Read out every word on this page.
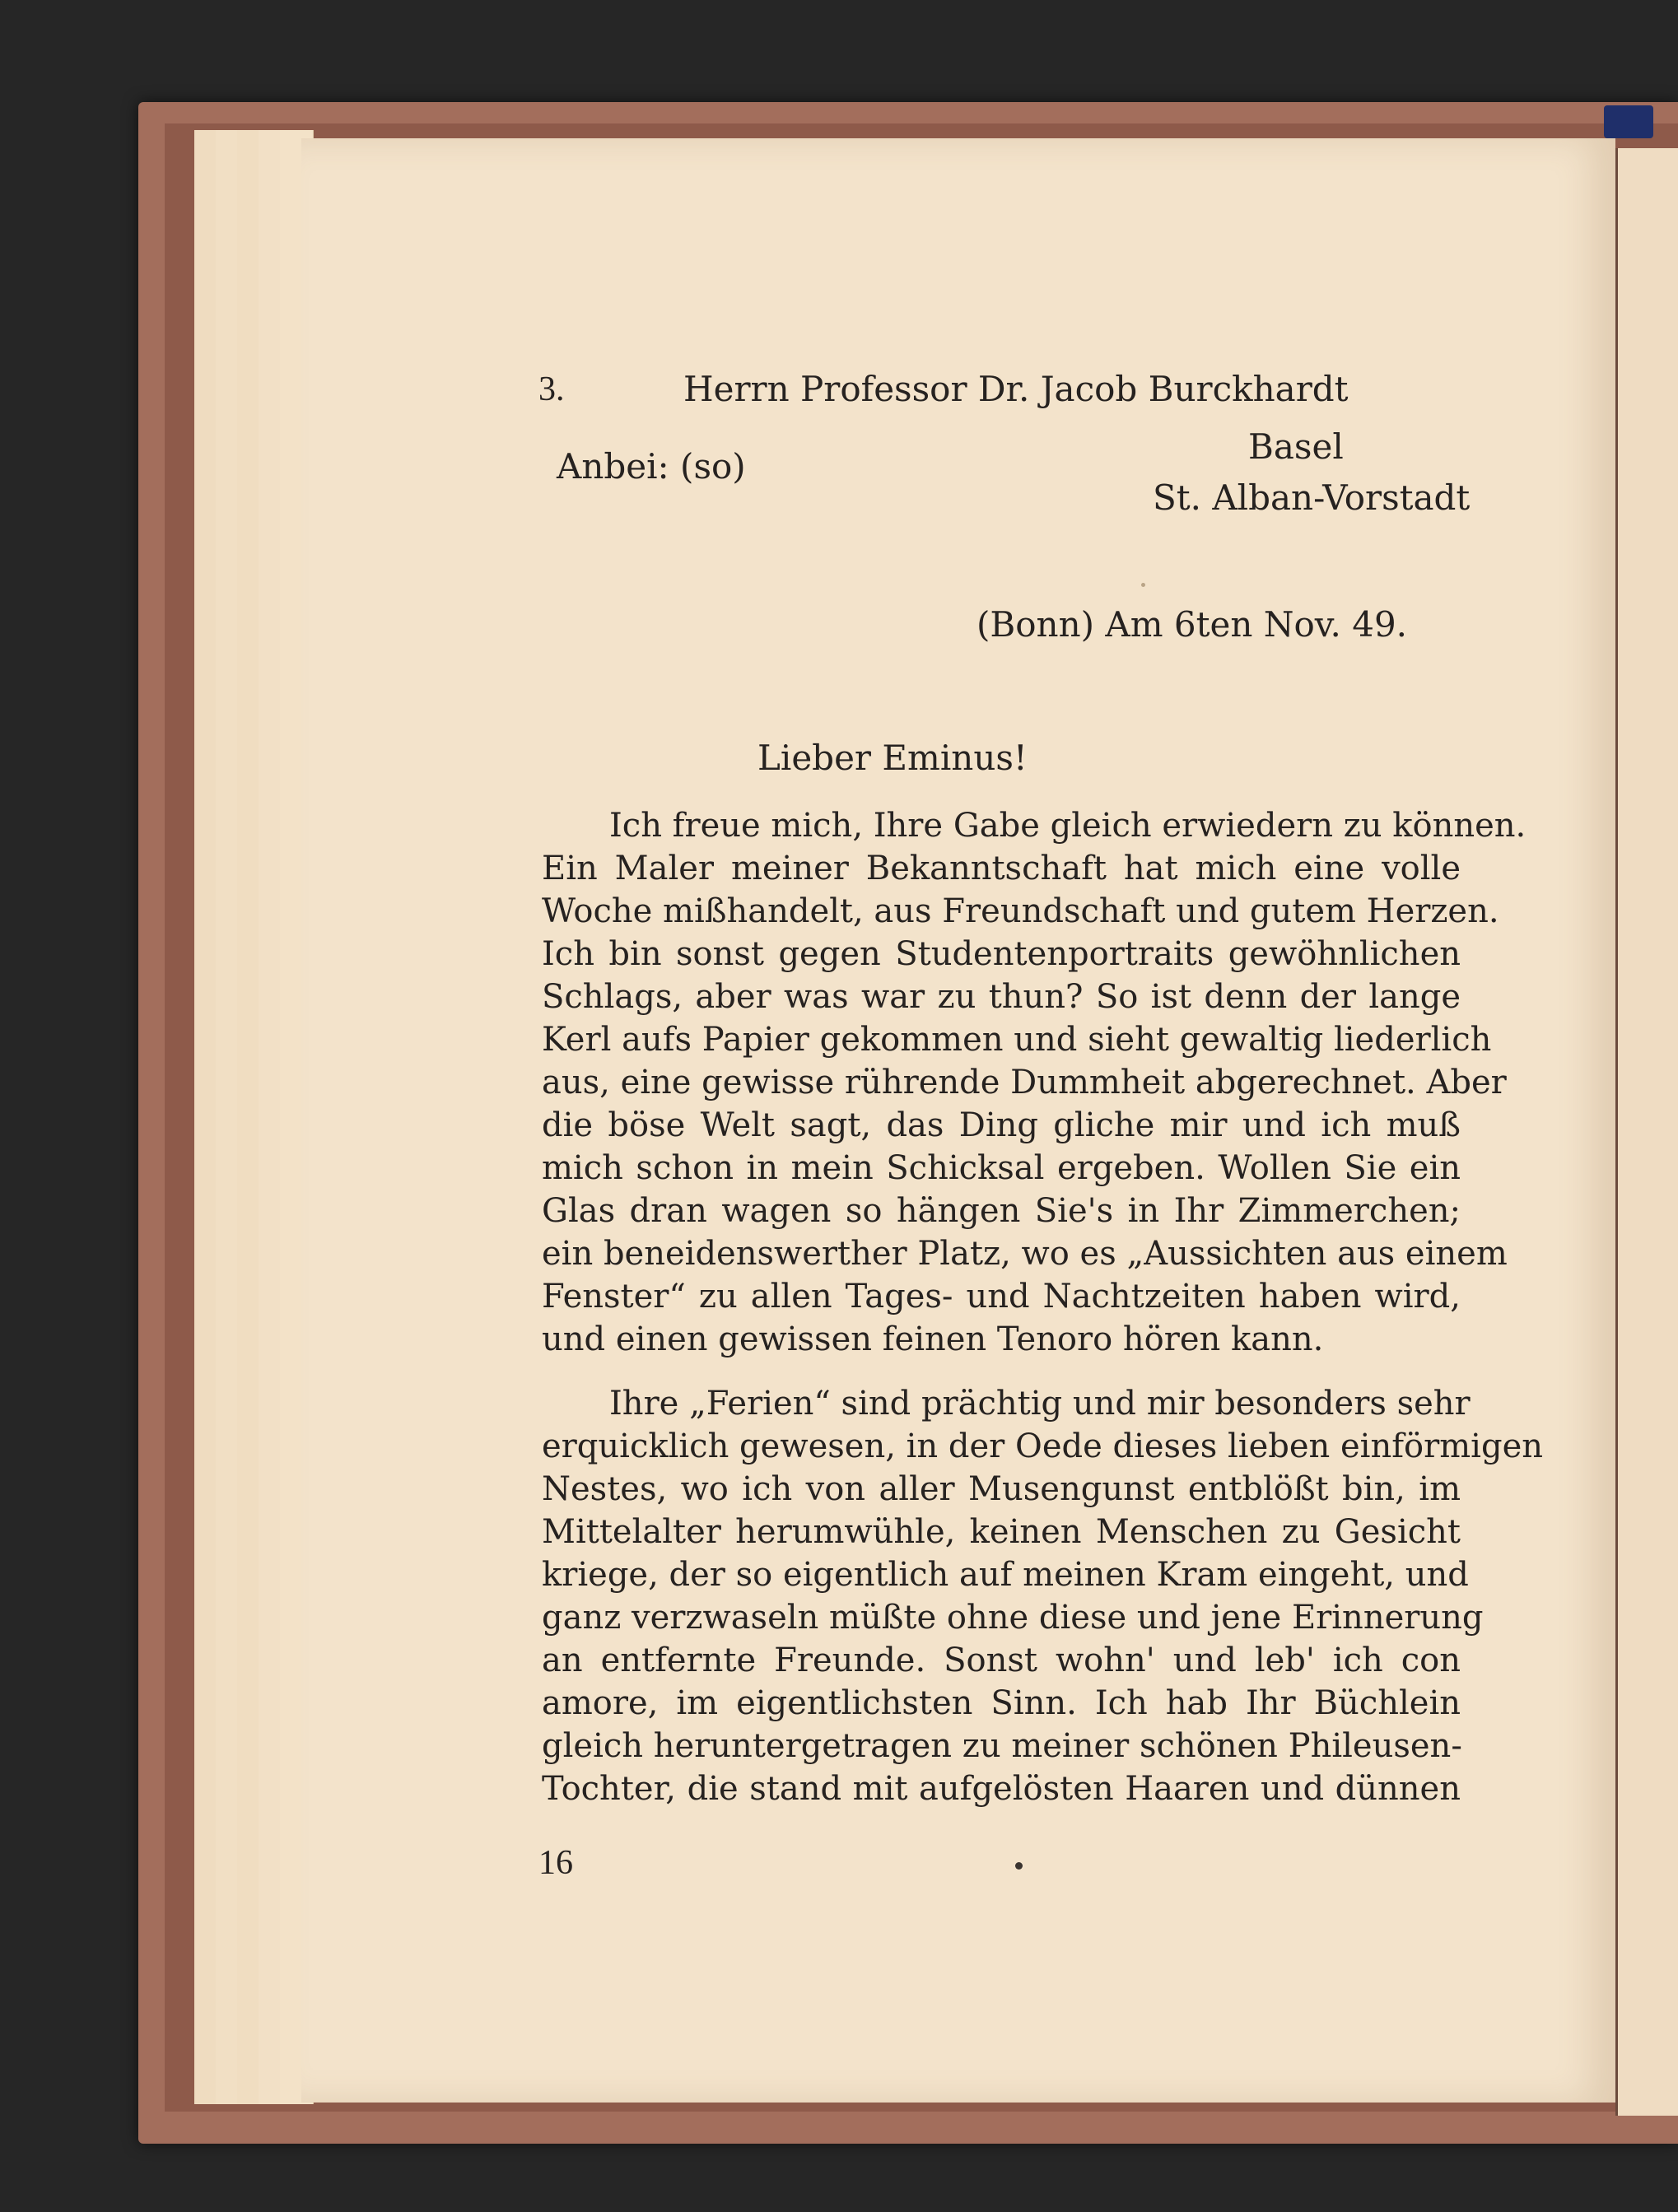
3.	Herrn Professor Dr. Jacob Burckhardt
Anbei: (so)	Basel
St. Alban-Vorstadt
(Bonn) Am 6ten Nov. 49.
Lieber Eminus!
Ich freue mich, Ihre Gabe gleich erwiedern zu können.
Ein Maler meiner Bekanntschaft hat mich eine volle
Woche mißhandelt, aus Freundschaft und gutem Herzen.
Ich bin sonst gegen Studentenportraits gewöhnlichen
Schlags, aber was war zu thun? So ist denn der lange
Kerl aufs Papier gekommen und sieht gewaltig liederlich
aus, eine gewisse rührende Dummheit abgerechnet. Aber
die böse Welt sagt, das Ding gliche mir und ich muß
mich schon in mein Schicksal ergeben. Wollen Sie ein
Glas dran wagen so hängen Sie's in Ihr Zimmerchen;
ein beneidenswerther Platz, wo es „Aussichten aus einem
Fenster“ zu allen Tages- und Nachtzeiten haben wird,
und einen gewissen feinen Tenoro hören kann.
Ihre „Ferien“ sind prächtig und mir besonders sehr
erquicklich gewesen, in der Oede dieses lieben einförmigen
Nestes, wo ich von aller Musengunst entblößt bin, im
Mittelalter herumwühle, keinen Menschen zu Gesicht
kriege, der so eigentlich auf meinen Kram eingeht, und
ganz verzwaseln müßte ohne diese und jene Erinnerung
an entfernte Freunde. Sonst wohn' und leb' ich con
amore, im eigentlichsten Sinn. Ich hab Ihr Büchlein
gleich heruntergetragen zu meiner schönen Phileusen-
Tochter, die stand mit aufgelösten Haaren und dünnen
16
